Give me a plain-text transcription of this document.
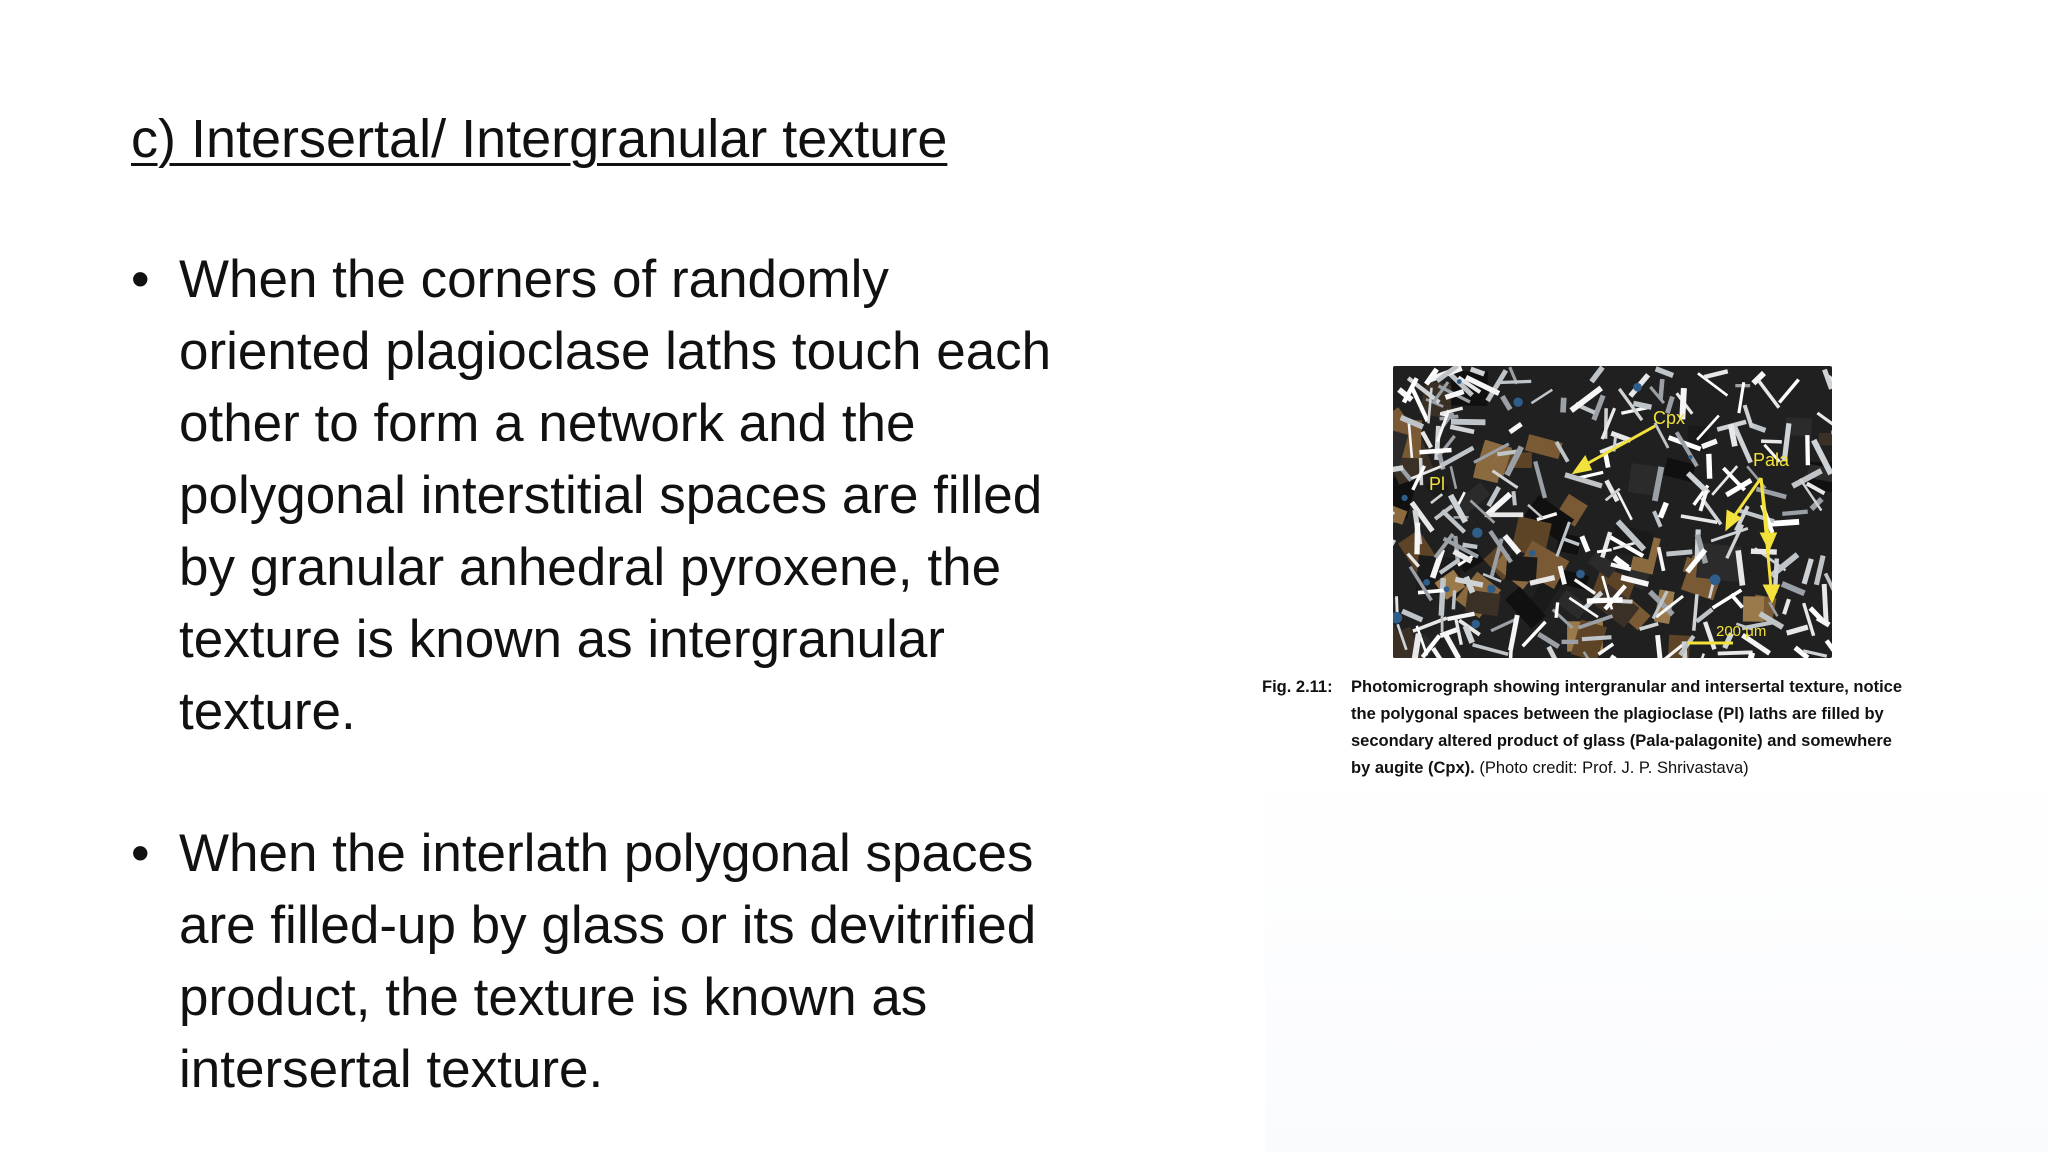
c) Intersertal/ Intergranular texture
• When the corners of randomly
oriented plagioclase laths touch each
other to form a network and the
polygonal interstitial spaces are filled
by granular anhedral pyroxene, the
texture is known as intergranular
texture.
• When the interlath polygonal spaces
are filled-up by glass or its devitrified
product, the texture is known as
intersertal texture.
Cpx
Pala
Pl
200 μm
Fig. 2.11: Photomicrograph showing intergranular and intersertal texture, notice
the polygonal spaces between the plagioclase (Pl) laths are filled by
secondary altered product of glass (Pala-palagonite) and somewhere
by augite (Cpx). (Photo credit: Prof. J. P. Shrivastava)
